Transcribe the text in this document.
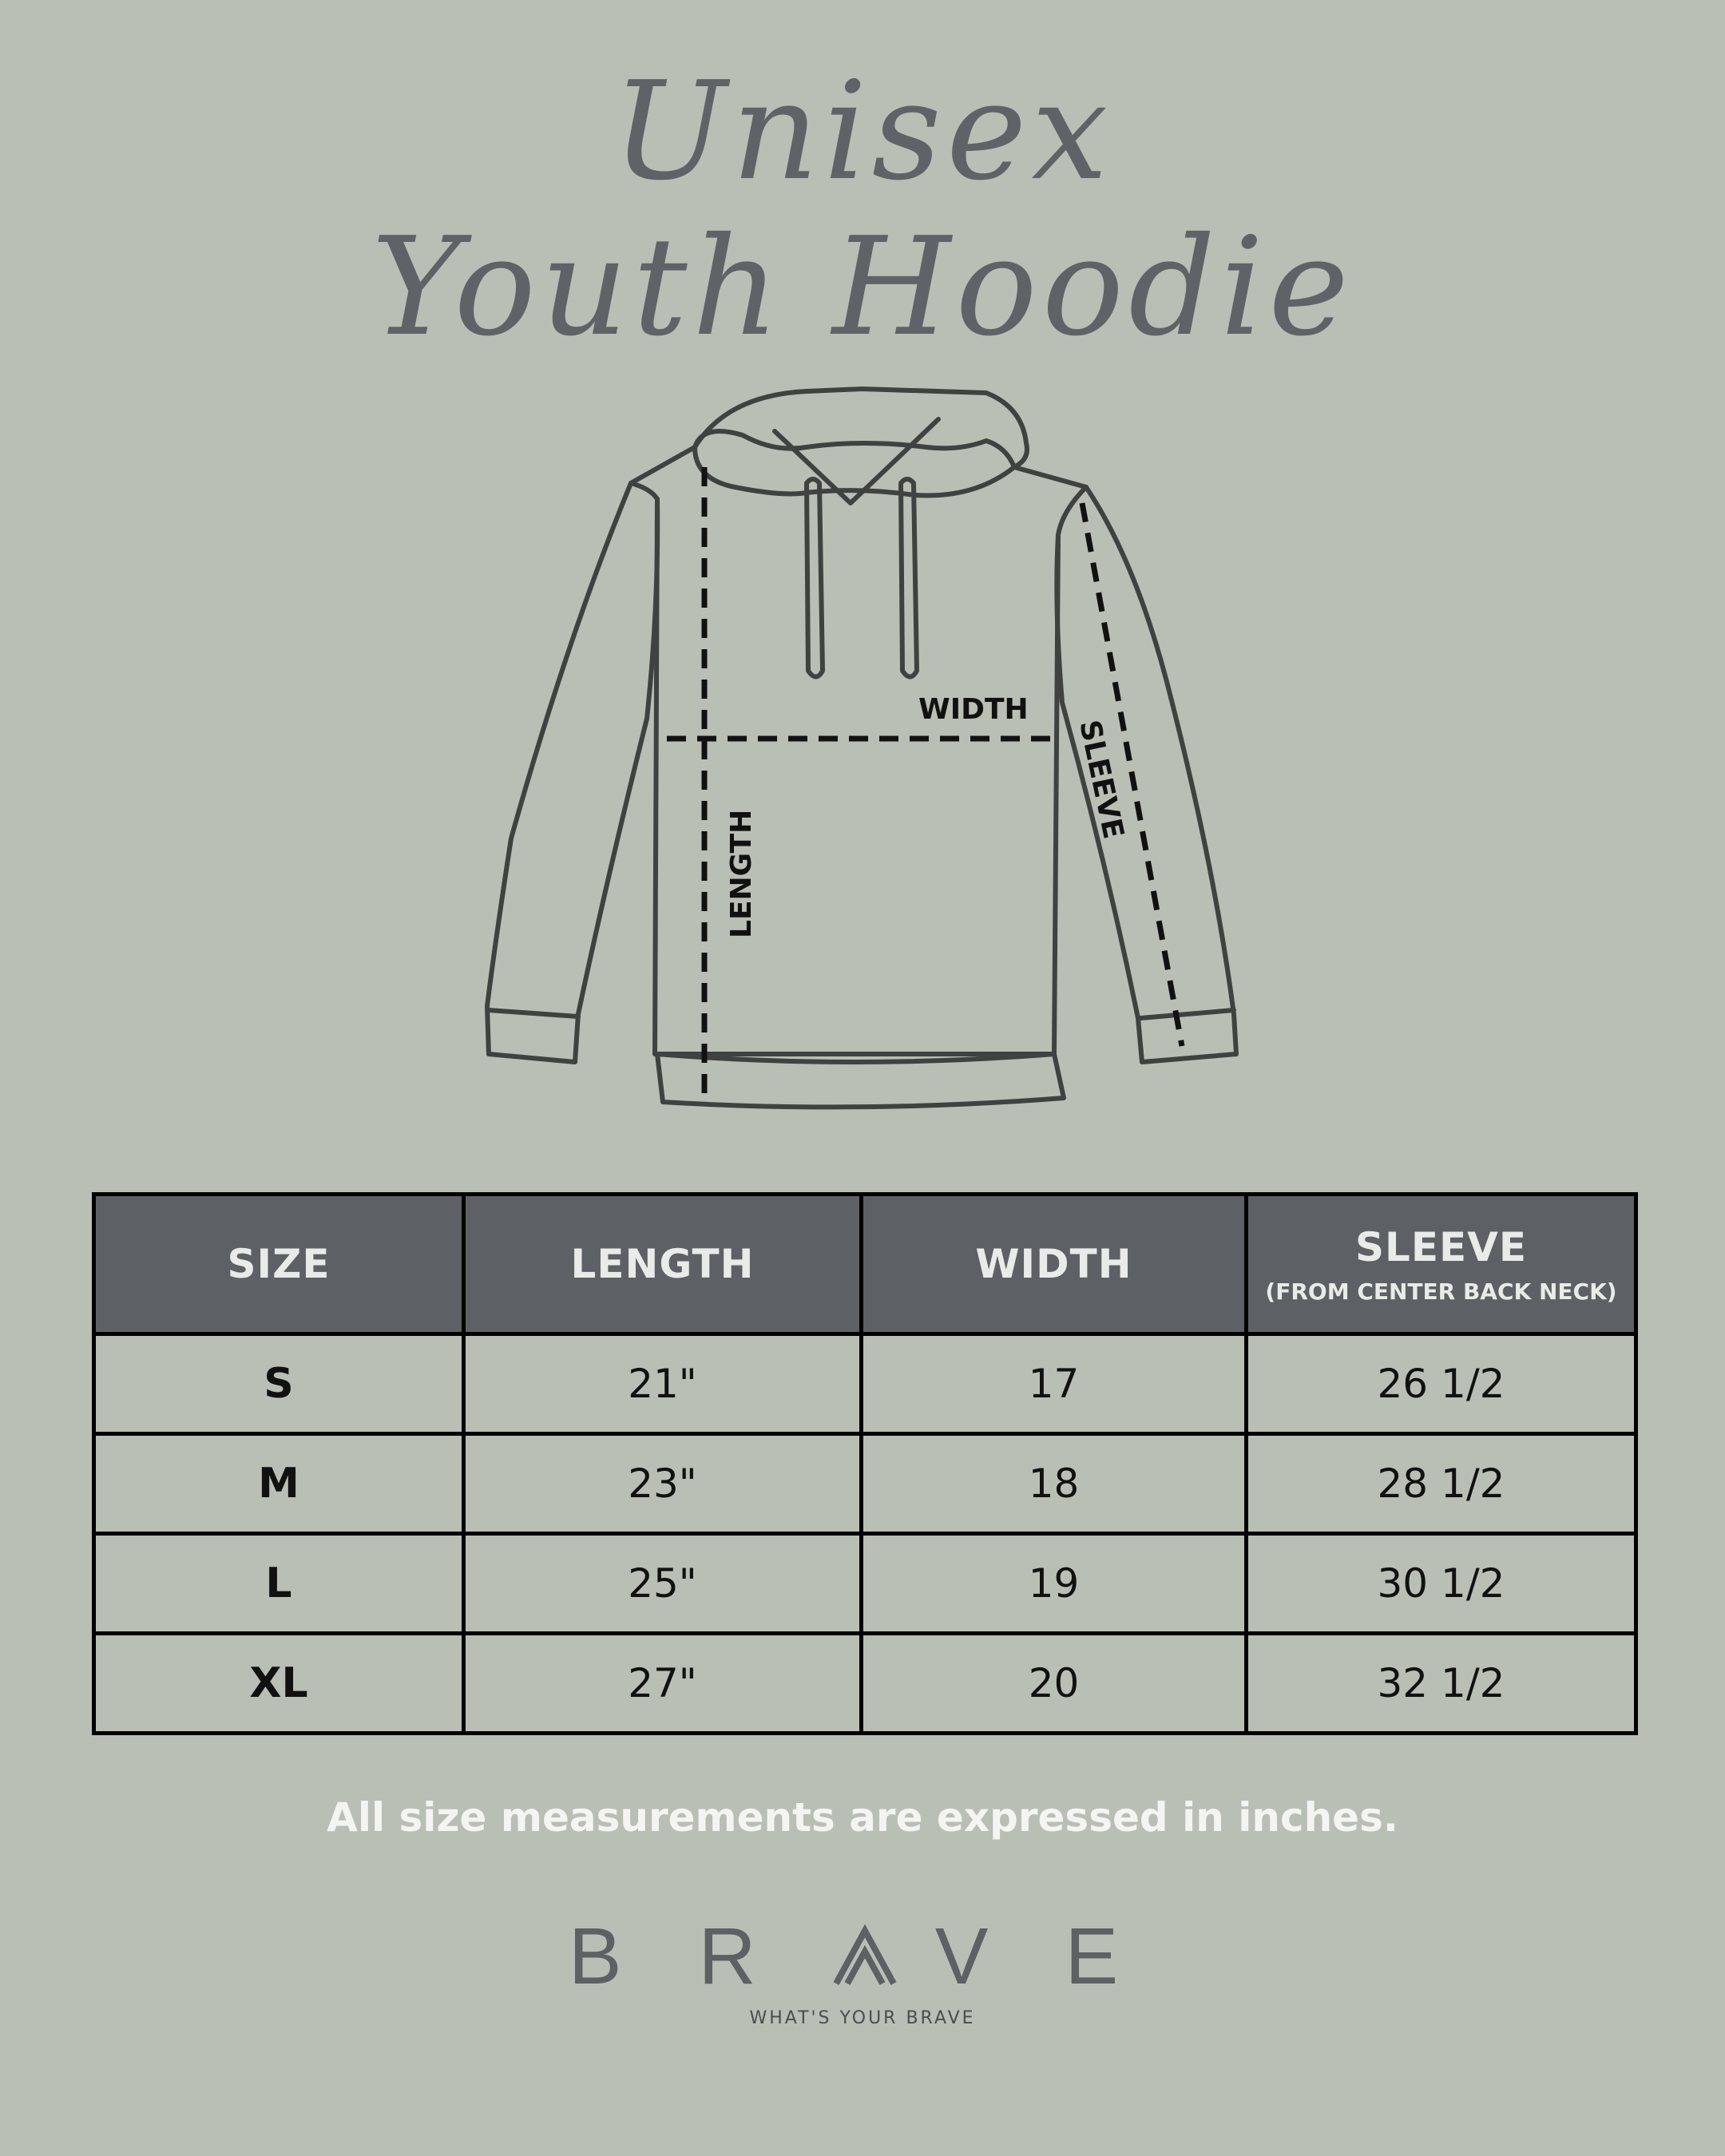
Unisex
Youth Hoodie
WIDTH
LENGTH
SLEEVE
SIZE	LENGTH	WIDTH	SLEEVE
(FROM CENTER BACK NECK)

S	21"	17	26 1/2
M	23"	18	28 1/2
L	25"	19	30 1/2
XL	27"	20	32 1/2
All size measurements are expressed in inches.
B R V E
WHAT'S YOUR BRAVE
